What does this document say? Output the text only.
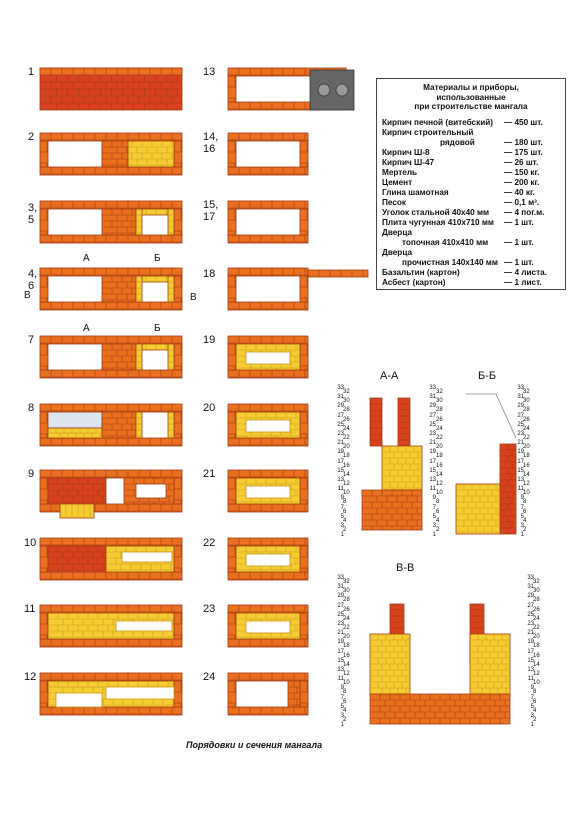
1
2
3,
5
4,
6
7
8
9
10
11
12
13
14,
16
15,
17
18
19
20
21
22
23
24
А	Б
В	В
А	Б
А-А	Б-Б
В-В
33
31
29
27
25
23
21
19
17
15
13
11
9
7
5
3
1
32
30
28
26
24
22
20
18
16
14
12
10
8
6
4
2
33
31
29
27
25
23
21
19
17
15
13
11
9
7
5
3
1
32
30
28
26
24
22
20
18
16
14
12
10
8
6
4
2
33
31
29
27
25
23
21
19
17
15
13
11
9
7
5
3
1
32
30
28
26
24
22
20
18
16
14
12
10
8
6
4
2
33
31
29
27
25
23
21
19
17
15
13
11
9
7
5
3
1
32
30
28
26
24
22
20
18
16
14
12
10
8
6
4
2
33
31
29
27
25
23
21
19
17
15
13
11
9
7
5
3
1
32
30
28
26
24
22
20
18
16
14
12
10
8
6
4
2
Материалы и приборы,
использованные
при строительстве мангала
Кирпич печной (витебский) — 450 шт.
Кирпич строительный
рядовой	— 180 шт.
Кирпич Ш-8	— 175 шт.
Кирпич Ш-47	— 26 шт.
Мертель	— 150 кг.
Цемент	— 200 кг.
Глина шамотная	— 40 кг.
Песок	— 0,1 м³.
Уголок стальной 40x40 мм — 4 пог.м.
Плита чугунная 410x710 мм — 1 шт.
Дверца
топочная 410x410 мм — 1 шт.
Дверца
прочистная 140x140 мм — 1 шт.
Базальтин (картон)	— 4 листа.
Асбест (картон)	— 1 лист.
Порядовки и сечения мангала
